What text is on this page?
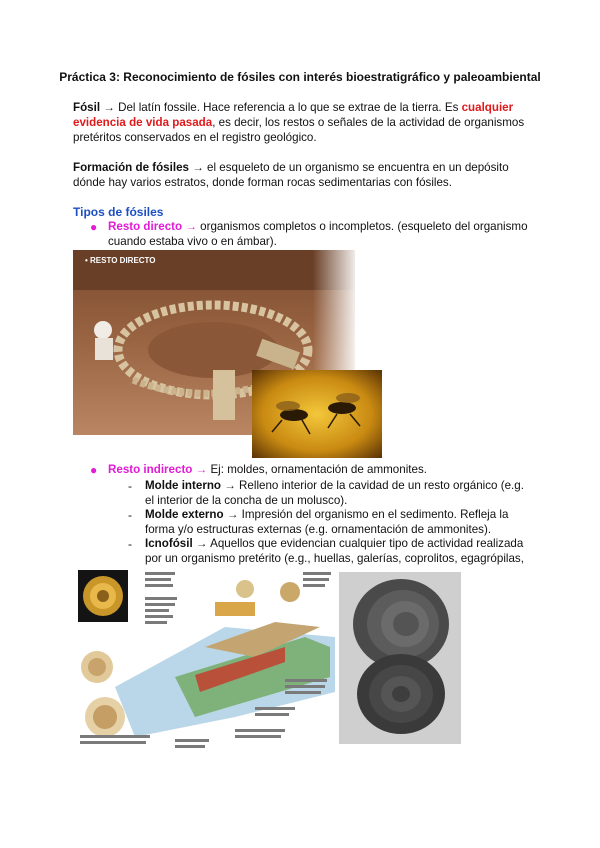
Práctica 3: Reconocimiento de fósiles con interés bioestratigráfico y paleoambiental
Fósil → Del latín fossile. Hace referencia a lo que se extrae de la tierra. Es cualquier evidencia de vida pasada, es decir, los restos o señales de la actividad de organismos pretéritos conservados en el registro geológico.
Formación de fósiles → el esqueleto de un organismo se encuentra en un depósito dónde hay varios estratos, donde forman rocas sedimentarias con fósiles.
Tipos de fósiles
● Resto directo → organismos completos o incompletos. (esqueleto del organismo cuando estaba vivo o en ámbar).
• RESTO DIRECTO
● Resto indirecto → Ej: moldes, ornamentación de ammonites.
- Molde interno → Relleno interior de la cavidad de un resto orgánico (e.g. el interior de la concha de un molusco).
- Molde externo → Impresión del organismo en el sedimento. Refleja la forma y/o estructuras externas (e.g. ornamentación de ammonites).
- Icnofósil → Aquellos que evidencian cualquier tipo de actividad realizada por un organismo pretérito (e.g., huellas, galerías, coprolitos, egagrópilas,
